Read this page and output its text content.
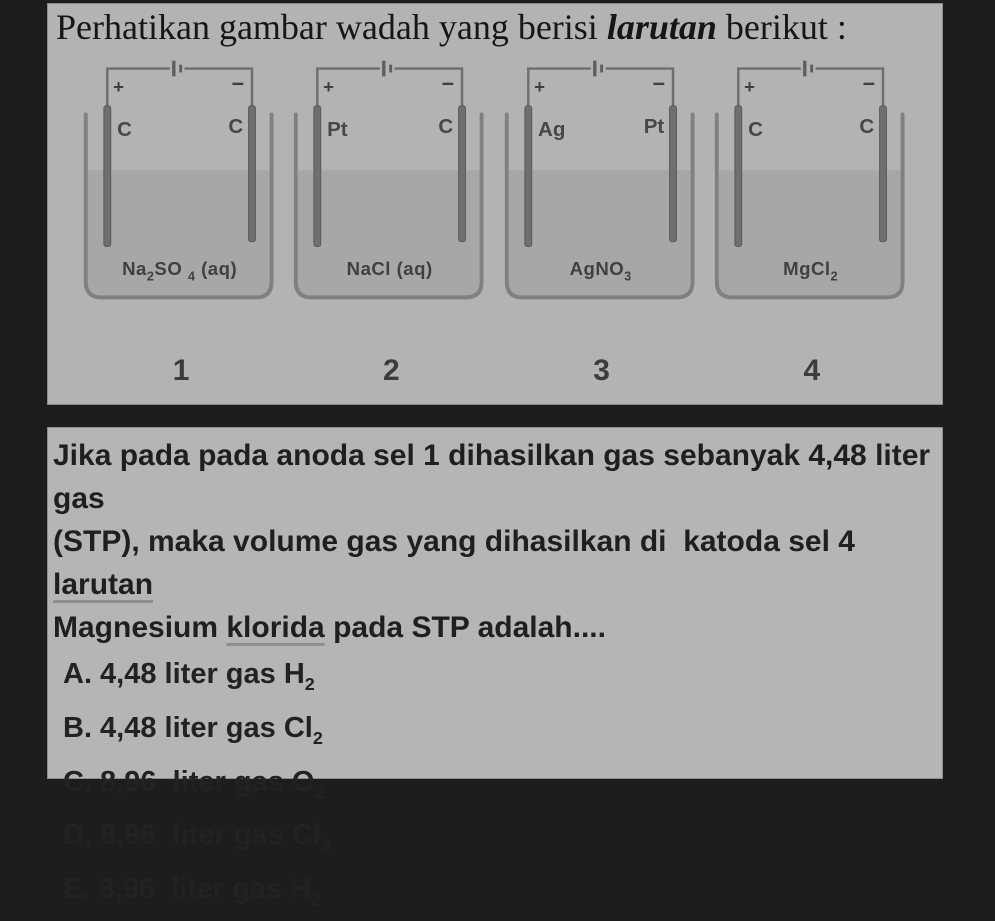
Perhatikan gambar wadah yang berisi larutan berikut :
+	−
C	C
$Na_2SO$ $_4$ (aq)
+	−
Pt	C
NaCl (aq)
+	−
Ag	Pt
AgNO$_3$
+	−
C	C
MgCl$_2$
1	2	3	4
Jika pada pada anoda sel 1 dihasilkan gas sebanyak 4,48 liter gas
(STP), maka volume gas yang dihasilkan di  katoda sel 4 larutan
Magnesium klorida pada STP adalah....
A. 4,48 liter gas $H_2$
B. 4,48 liter gas $Cl_2$
C. 8,96  liter gas $O_2$
D. 8,96  liter gas $Cl_2$
E. 8,96  liter gas $H_2$
